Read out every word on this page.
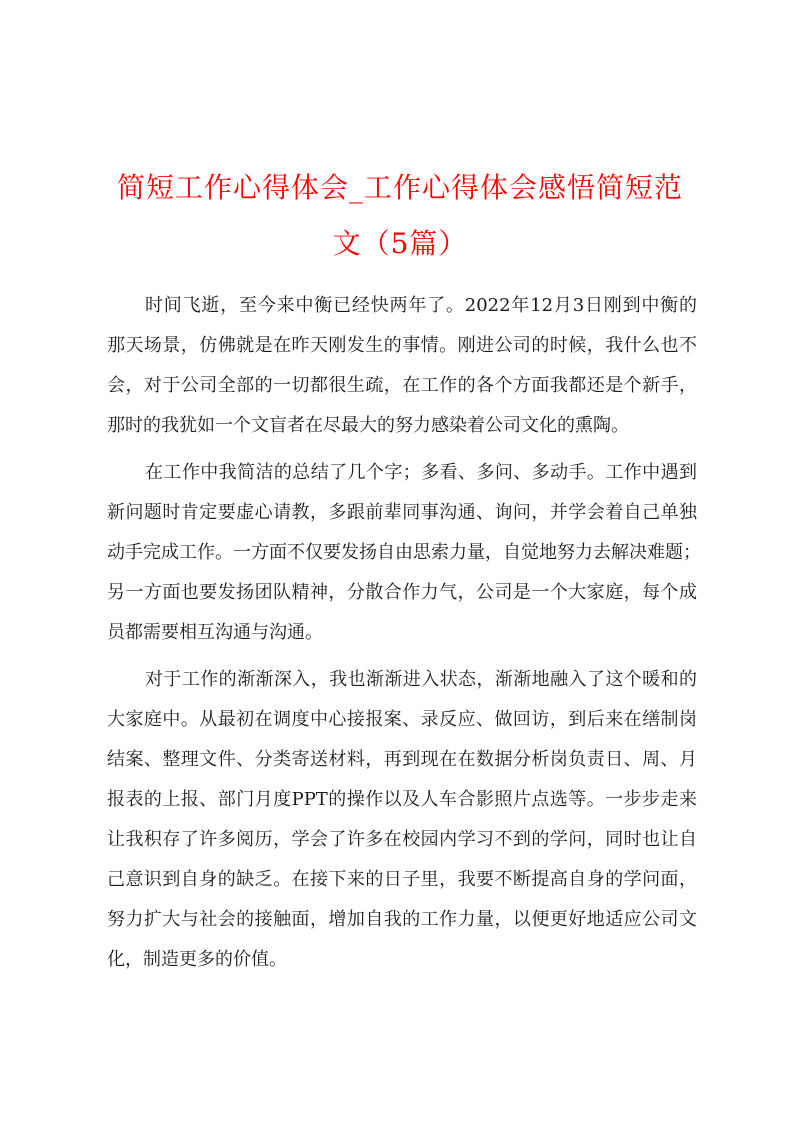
简短工作心得体会_工作心得体会感悟简短范
文（5篇）
时间飞逝，至今来中衡已经快两年了。2022年12月3日刚到中衡的
那天场景，仿佛就是在昨天刚发生的事情。刚进公司的时候，我什么也不
会，对于公司全部的一切都很生疏，在工作的各个方面我都还是个新手，
那时的我犹如一个文盲者在尽最大的努力感染着公司文化的熏陶。
在工作中我简洁的总结了几个字；多看、多问、多动手。工作中遇到
新问题时肯定要虚心请教，多跟前辈同事沟通、询问，并学会着自己单独
动手完成工作。一方面不仅要发扬自由思索力量，自觉地努力去解决难题；
另一方面也要发扬团队精神，分散合作力气，公司是一个大家庭，每个成
员都需要相互沟通与沟通。
对于工作的渐渐深入，我也渐渐进入状态，渐渐地融入了这个暖和的
大家庭中。从最初在调度中心接报案、录反应、做回访，到后来在缮制岗
结案、整理文件、分类寄送材料，再到现在在数据分析岗负责日、周、月
报表的上报、部门月度PPT的操作以及人车合影照片点选等。一步步走来
让我积存了许多阅历，学会了许多在校园内学习不到的学问，同时也让自
己意识到自身的缺乏。在接下来的日子里，我要不断提高自身的学问面，
努力扩大与社会的接触面，增加自我的工作力量，以便更好地适应公司文
化，制造更多的价值。
